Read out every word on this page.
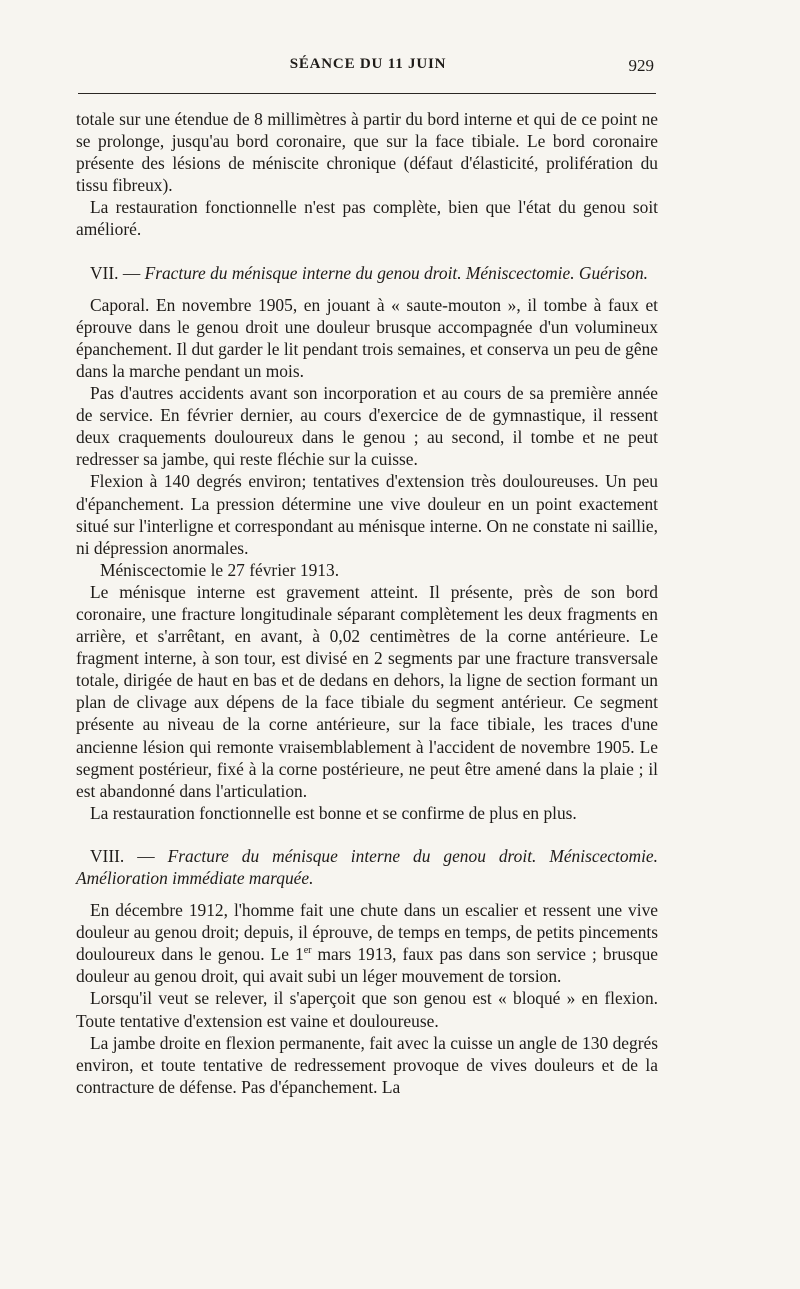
SÉANCE DU 11 JUIN	929

totale sur une étendue de 8 millimètres à partir du bord interne et qui de ce point ne se prolonge, jusqu'au bord coronaire, que sur la face tibiale. Le bord coronaire présente des lésions de méniscite chronique (défaut d'élasticité, prolifération du tissu fibreux).

La restauration fonctionnelle n'est pas complète, bien que l'état du genou soit amélioré.

VII. — Fracture du ménisque interne du genou droit. Méniscectomie. Guérison.

Caporal. En novembre 1905, en jouant à « saute-mouton », il tombe à faux et éprouve dans le genou droit une douleur brusque accompagnée d'un volumineux épanchement. Il dut garder le lit pendant trois semaines, et conserva un peu de gêne dans la marche pendant un mois.

Pas d'autres accidents avant son incorporation et au cours de sa première année de service. En février dernier, au cours d'exercice de de gymnastique, il ressent deux craquements douloureux dans le genou ; au second, il tombe et ne peut redresser sa jambe, qui reste fléchie sur la cuisse.

Flexion à 140 degrés environ; tentatives d'extension très douloureuses. Un peu d'épanchement. La pression détermine une vive douleur en un point exactement situé sur l'interligne et correspondant au ménisque interne. On ne constate ni saillie, ni dépression anormales.

Méniscectomie le 27 février 1913.

Le ménisque interne est gravement atteint. Il présente, près de son bord coronaire, une fracture longitudinale séparant complètement les deux fragments en arrière, et s'arrêtant, en avant, à 0,02 centimètres de la corne antérieure. Le fragment interne, à son tour, est divisé en 2 segments par une fracture transversale totale, dirigée de haut en bas et de dedans en dehors, la ligne de section formant un plan de clivage aux dépens de la face tibiale du segment antérieur. Ce segment présente au niveau de la corne antérieure, sur la face tibiale, les traces d'une ancienne lésion qui remonte vraisemblablement à l'accident de novembre 1905. Le segment postérieur, fixé à la corne postérieure, ne peut être amené dans la plaie ; il est abandonné dans l'articulation.

La restauration fonctionnelle est bonne et se confirme de plus en plus.

VIII. — Fracture du ménisque interne du genou droit. Méniscectomie. Amélioration immédiate marquée.

En décembre 1912, l'homme fait une chute dans un escalier et ressent une vive douleur au genou droit; depuis, il éprouve, de temps en temps, de petits pincements douloureux dans le genou. Le 1er mars 1913, faux pas dans son service ; brusque douleur au genou droit, qui avait subi un léger mouvement de torsion.

Lorsqu'il veut se relever, il s'aperçoit que son genou est « bloqué » en flexion. Toute tentative d'extension est vaine et douloureuse.

La jambe droite en flexion permanente, fait avec la cuisse un angle de 130 degrés environ, et toute tentative de redressement provoque de vives douleurs et de la contracture de défense. Pas d'épanchement. La
